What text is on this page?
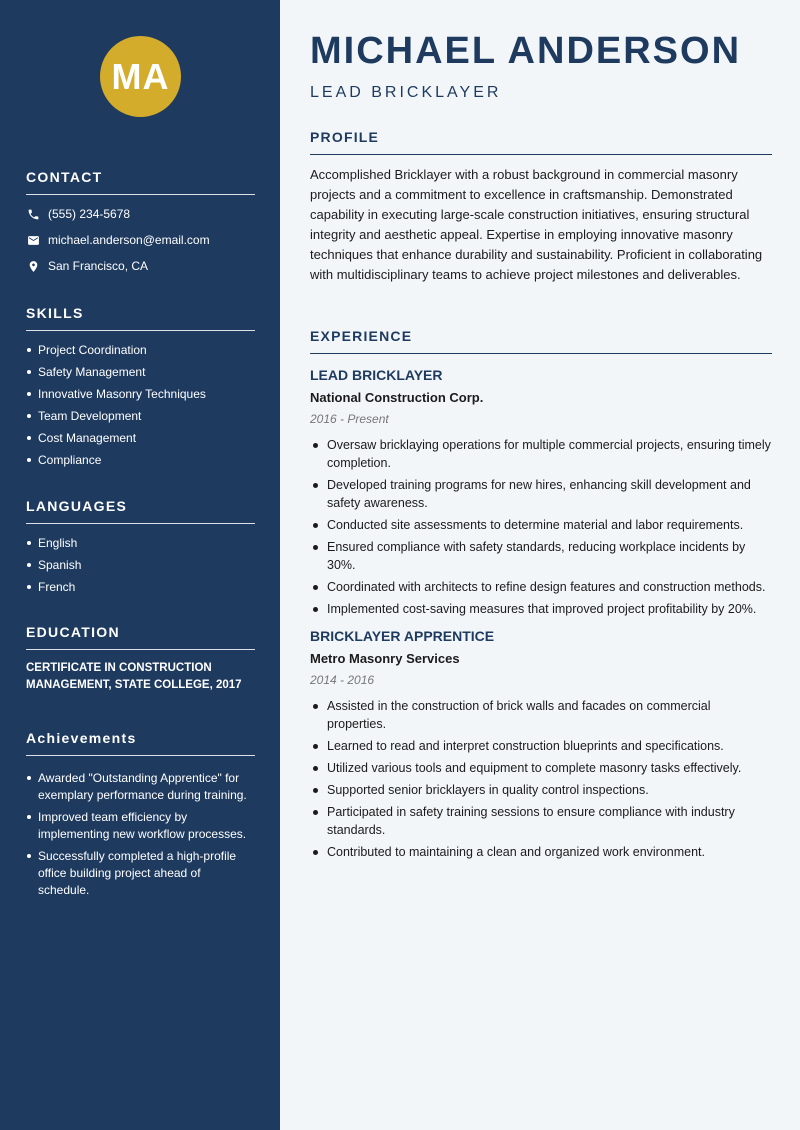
MA
CONTACT
(555) 234-5678
michael.anderson@email.com
San Francisco, CA
SKILLS
Project Coordination
Safety Management
Innovative Masonry Techniques
Team Development
Cost Management
Compliance
LANGUAGES
English
Spanish
French
EDUCATION
CERTIFICATE IN CONSTRUCTION MANAGEMENT, STATE COLLEGE, 2017
Achievements
Awarded "Outstanding Apprentice" for exemplary performance during training.
Improved team efficiency by implementing new workflow processes.
Successfully completed a high-profile office building project ahead of schedule.
MICHAEL ANDERSON
LEAD BRICKLAYER
PROFILE

Accomplished Bricklayer with a robust background in commercial masonry projects and a commitment to excellence in craftsmanship. Demonstrated capability in executing large-scale construction initiatives, ensuring structural integrity and aesthetic appeal. Expertise in employing innovative masonry techniques that enhance durability and sustainability. Proficient in collaborating with multidisciplinary teams to achieve project milestones and deliverables.

EXPERIENCE
LEAD BRICKLAYER
National Construction Corp.
2016 - Present
Oversaw bricklaying operations for multiple commercial projects, ensuring timely completion.
Developed training programs for new hires, enhancing skill development and safety awareness.
Conducted site assessments to determine material and labor requirements.
Ensured compliance with safety standards, reducing workplace incidents by 30%.
Coordinated with architects to refine design features and construction methods.
Implemented cost-saving measures that improved project profitability by 20%.
BRICKLAYER APPRENTICE
Metro Masonry Services
2014 - 2016
Assisted in the construction of brick walls and facades on commercial properties.
Learned to read and interpret construction blueprints and specifications.
Utilized various tools and equipment to complete masonry tasks effectively.
Supported senior bricklayers in quality control inspections.
Participated in safety training sessions to ensure compliance with industry standards.
Contributed to maintaining a clean and organized work environment.
